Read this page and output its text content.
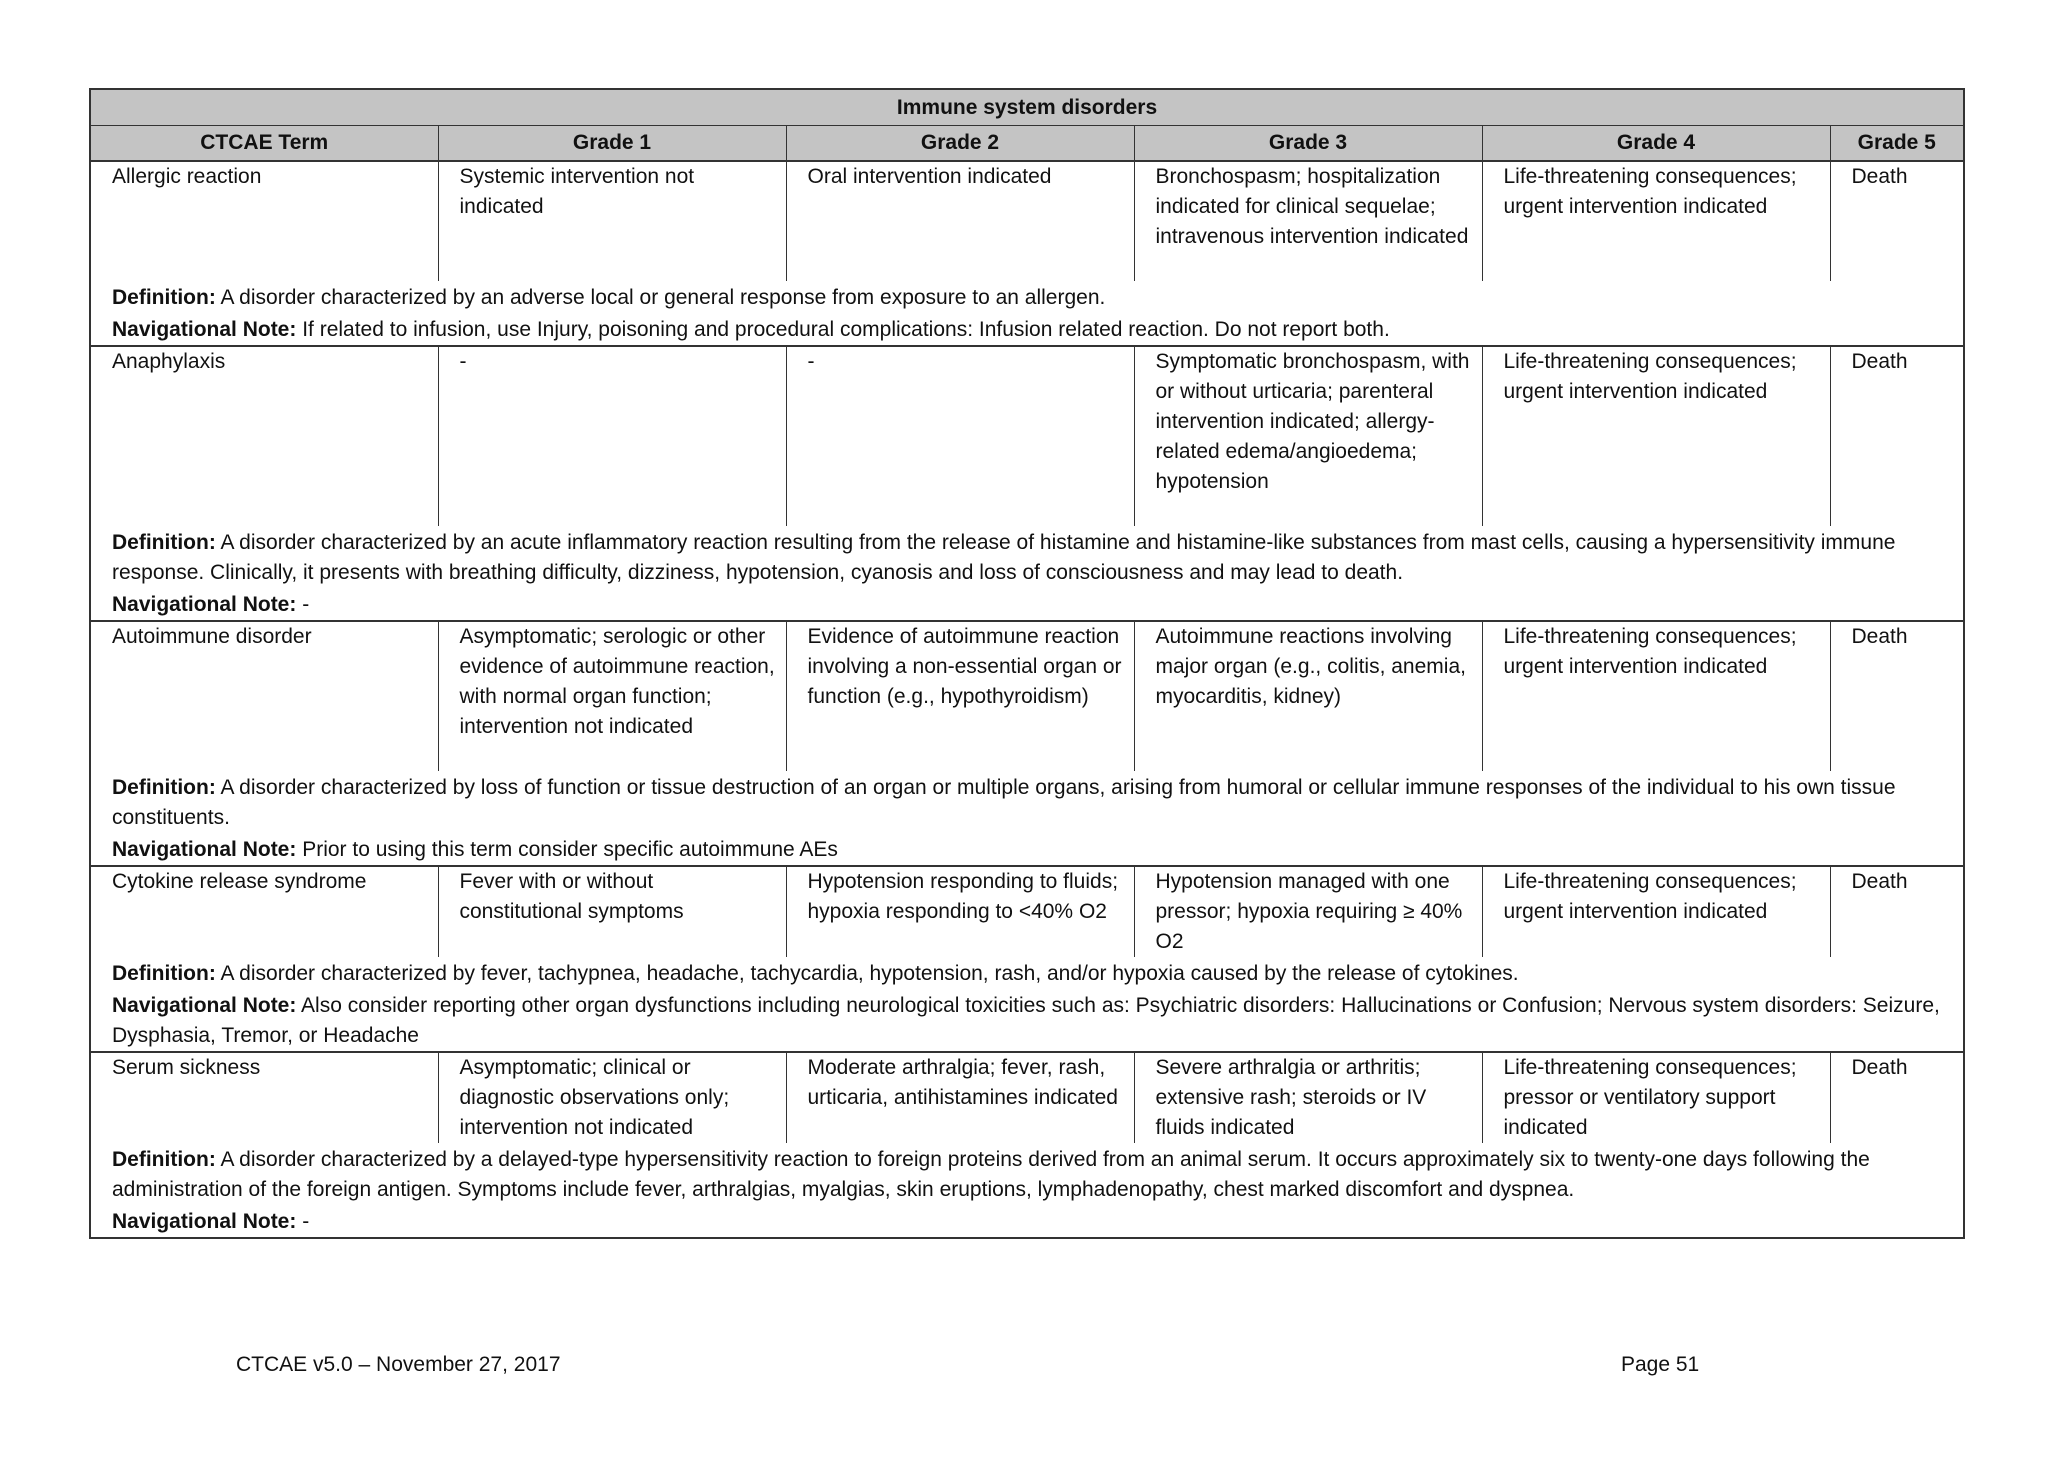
Immune system disorders					
CTCAE Term	Grade 1	Grade 2	Grade 3	Grade 4	Grade 5
Allergic reaction	Systemic intervention not indicated	Oral intervention indicated	Bronchospasm; hospitalization indicated for clinical sequelae; intravenous intervention indicated	Life-threatening consequences; urgent intervention indicated	Death
Definition: A disorder characterized by an adverse local or general response from exposure to an allergen.					
Navigational Note: If related to infusion, use Injury, poisoning and procedural complications: Infusion related reaction. Do not report both.					
Anaphylaxis	-	-	Symptomatic bronchospasm, with or without urticaria; parenteral intervention indicated; allergy-related edema/angioedema; hypotension	Life-threatening consequences; urgent intervention indicated	Death
Definition: A disorder characterized by an acute inflammatory reaction resulting from the release of histamine and histamine-like substances from mast cells, causing a hypersensitivity immune response. Clinically, it presents with breathing difficulty, dizziness, hypotension, cyanosis and loss of consciousness and may lead to death.					
Navigational Note: -					
Autoimmune disorder	Asymptomatic; serologic or other evidence of autoimmune reaction, with normal organ function; intervention not indicated	Evidence of autoimmune reaction involving a non-essential organ or function (e.g., hypothyroidism)	Autoimmune reactions involving major organ (e.g., colitis, anemia, myocarditis, kidney)	Life-threatening consequences; urgent intervention indicated	Death
Definition: A disorder characterized by loss of function or tissue destruction of an organ or multiple organs, arising from humoral or cellular immune responses of the individual to his own tissue constituents.					
Navigational Note: Prior to using this term consider specific autoimmune AEs					
Cytokine release syndrome	Fever with or without constitutional symptoms	Hypotension responding to fluids; hypoxia responding to <40% O2	Hypotension managed with one pressor; hypoxia requiring ≥ 40% O2	Life-threatening consequences; urgent intervention indicated	Death
Definition: A disorder characterized by fever, tachypnea, headache, tachycardia, hypotension, rash, and/or hypoxia caused by the release of cytokines.					
Navigational Note: Also consider reporting other organ dysfunctions including neurological toxicities such as: Psychiatric disorders: Hallucinations or Confusion; Nervous system disorders: Seizure, Dysphasia, Tremor, or Headache					
Serum sickness	Asymptomatic; clinical or diagnostic observations only; intervention not indicated	Moderate arthralgia; fever, rash, urticaria, antihistamines indicated	Severe arthralgia or arthritis; extensive rash; steroids or IV fluids indicated	Life-threatening consequences; pressor or ventilatory support indicated	Death
Definition: A disorder characterized by a delayed-type hypersensitivity reaction to foreign proteins derived from an animal serum. It occurs approximately six to twenty-one days following the administration of the foreign antigen. Symptoms include fever, arthralgias, myalgias, skin eruptions, lymphadenopathy, chest marked discomfort and dyspnea.					
Navigational Note: -					
CTCAE v5.0 – November 27, 2017	Page 51
